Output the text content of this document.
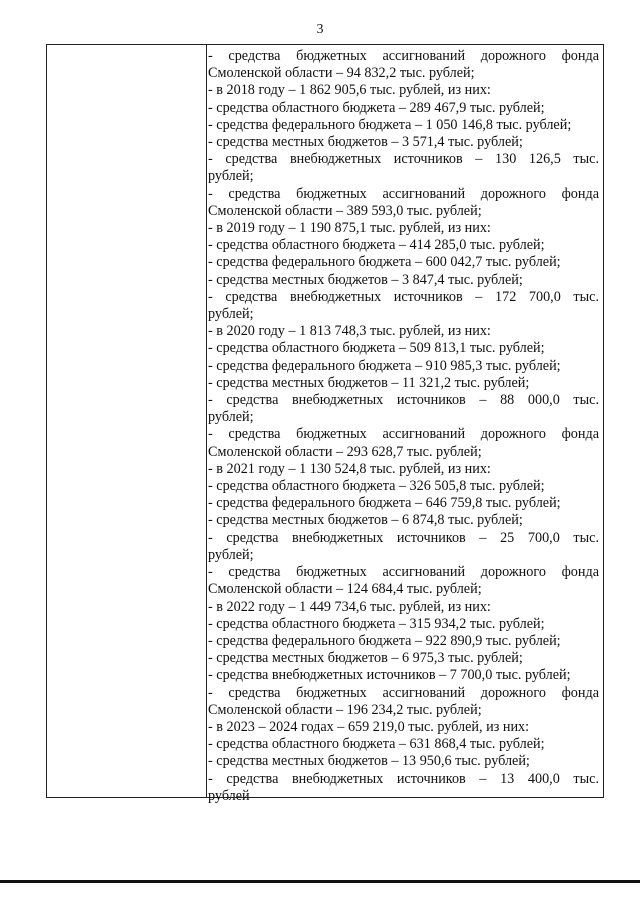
3
- средства бюджетных ассигнований дорожного фонда
Смоленской области – 94 832,2 тыс. рублей;
- в 2018 году – 1 862 905,6 тыс. рублей, из них:
- средства областного бюджета – 289 467,9 тыс. рублей;
- средства федерального бюджета – 1 050 146,8 тыс. рублей;
- средства местных бюджетов – 3 571,4 тыс. рублей;
- средства внебюджетных источников – 130 126,5 тыс.
рублей;
- средства бюджетных ассигнований дорожного фонда
Смоленской области – 389 593,0 тыс. рублей;
- в 2019 году – 1 190 875,1 тыс. рублей, из них:
- средства областного бюджета – 414 285,0 тыс. рублей;
- средства федерального бюджета – 600 042,7 тыс. рублей;
- средства местных бюджетов – 3 847,4 тыс. рублей;
- средства внебюджетных источников – 172 700,0 тыс.
рублей;
- в 2020 году – 1 813 748,3 тыс. рублей, из них:
- средства областного бюджета – 509 813,1 тыс. рублей;
- средства федерального бюджета – 910 985,3 тыс. рублей;
- средства местных бюджетов – 11 321,2 тыс. рублей;
- средства внебюджетных источников – 88 000,0 тыс.
рублей;
- средства бюджетных ассигнований дорожного фонда
Смоленской области – 293 628,7 тыс. рублей;
- в 2021 году – 1 130 524,8 тыс. рублей, из них:
- средства областного бюджета – 326 505,8 тыс. рублей;
- средства федерального бюджета – 646 759,8 тыс. рублей;
- средства местных бюджетов – 6 874,8 тыс. рублей;
- средства внебюджетных источников – 25 700,0 тыс.
рублей;
- средства бюджетных ассигнований дорожного фонда
Смоленской области – 124 684,4 тыс. рублей;
- в 2022 году – 1 449 734,6 тыс. рублей, из них:
- средства областного бюджета – 315 934,2 тыс. рублей;
- средства федерального бюджета – 922 890,9 тыс. рублей;
- средства местных бюджетов – 6 975,3 тыс. рублей;
- средства внебюджетных источников – 7 700,0 тыс. рублей;
- средства бюджетных ассигнований дорожного фонда
Смоленской области – 196 234,2 тыс. рублей;
- в 2023 – 2024 годах – 659 219,0 тыс. рублей, из них:
- средства областного бюджета – 631 868,4 тыс. рублей;
- средства местных бюджетов – 13 950,6 тыс. рублей;
- средства внебюджетных источников – 13 400,0 тыс.
рублей
